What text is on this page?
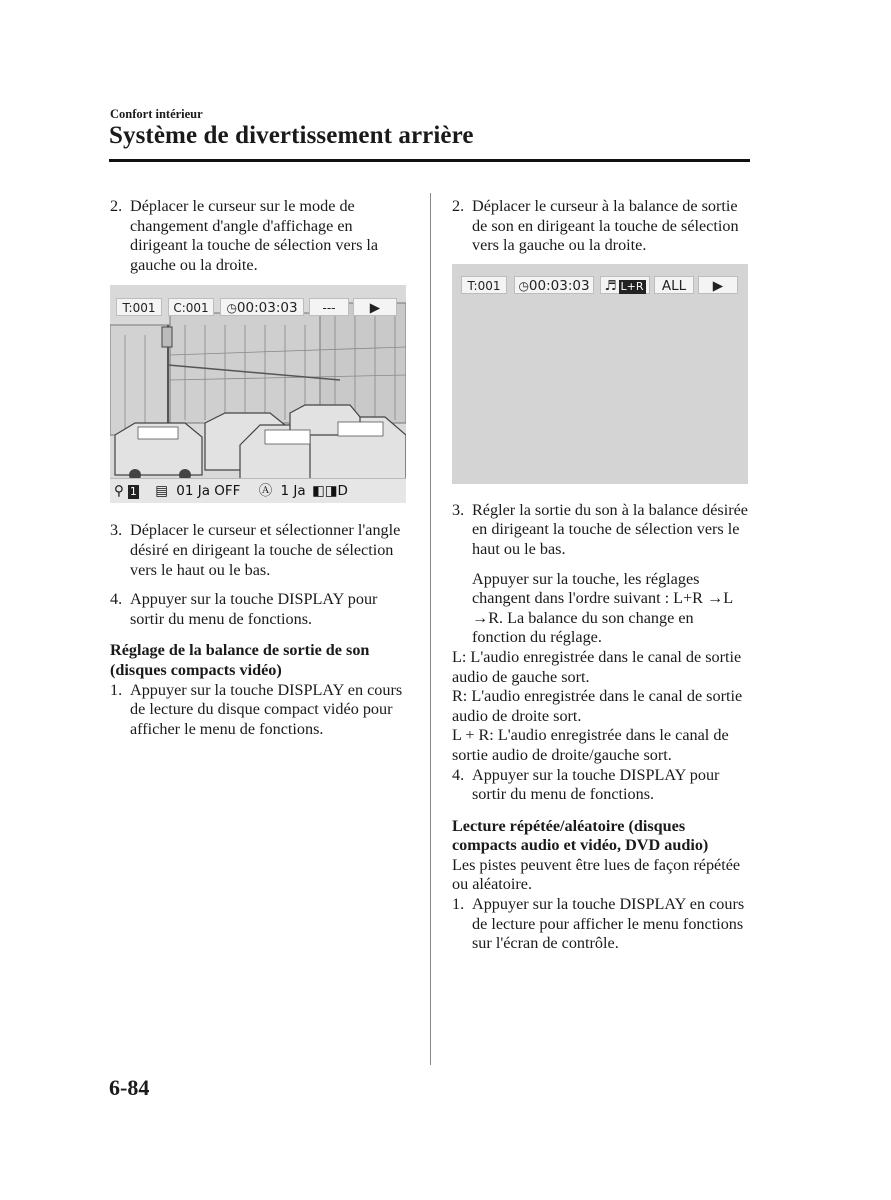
Confort intérieur
Système de divertissement arrière
2. Déplacer le curseur sur le mode de changement d'angle d'affichage en dirigeant la touche de sélection vers la gauche ou la droite.

T:001	C:001	◷00:03:03	---	▶
⚲ 1 ▤ 01 Ja OFF Ⓐ 1 Ja ◧◨D
3. Déplacer le curseur et sélectionner l'angle désiré en dirigeant la touche de sélection vers le haut ou le bas.

4. Appuyer sur la touche DISPLAY pour sortir du menu de fonctions.

Réglage de la balance de sortie de son (disques compacts vidéo)

1. Appuyer sur la touche DISPLAY en cours de lecture du disque compact vidéo pour afficher le menu de fonctions.

2. Déplacer le curseur à la balance de sortie de son en dirigeant la touche de sélection vers la gauche ou la droite.

T:001	◷00:03:03	♬ L+R	ALL	▶
3. Régler la sortie du son à la balance désirée en dirigeant la touche de sélection vers le haut ou le bas.

Appuyer sur la touche, les réglages changent dans l'ordre suivant : L+R →L →R. La balance du son change en fonction du réglage.

L: L'audio enregistrée dans le canal de sortie audio de gauche sort.

R: L'audio enregistrée dans le canal de sortie audio de droite sort.

L + R: L'audio enregistrée dans le canal de sortie audio de droite/gauche sort.

4. Appuyer sur la touche DISPLAY pour sortir du menu de fonctions.

Lecture répétée/aléatoire (disques compacts audio et vidéo, DVD audio)

Les pistes peuvent être lues de façon répétée ou aléatoire.

1. Appuyer sur la touche DISPLAY en cours de lecture pour afficher le menu fonctions sur l'écran de contrôle.

6-84
